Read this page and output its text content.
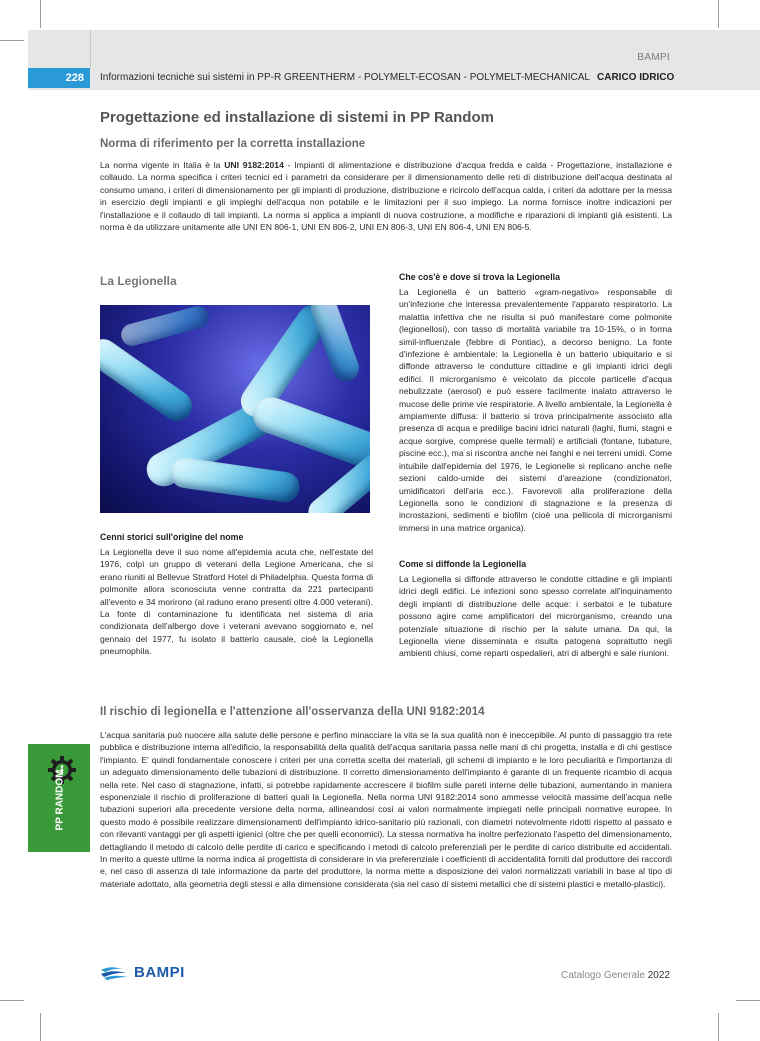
BAMPI
228	Informazioni tecniche sui sistemi in PP-R GREENTHERM - POLYMELT-ECOSAN - POLYMELT-MECHANICAL CARICO IDRICO
Progettazione ed installazione di sistemi in PP Random
Norma di riferimento per la corretta installazione

La norma vigente in Italia è la UNI 9182:2014 - Impianti di alimentazione e distribuzione d'acqua fredda e calda - Progettazione, installazione e collaudo. La norma specifica i criteri tecnici ed i parametri da considerare per il dimensionamento delle reti di distribuzione dell'acqua destinata al consumo umano, i criteri di dimensionamento per gli impianti di produzione, distribuzione e ricircolo dell'acqua calda, i criteri da adottare per la messa in esercizio degli impianti e gli impieghi dell'acqua non potabile e le limitazioni per il suo impiego. La norma fornisce inoltre indicazioni per l'installazione e il collaudo di tali impianti. La norma si applica a impianti di nuova costruzione, a modifiche e riparazioni di impianti già esistenti. La norma è da utilizzare unitamente alle UNI EN 806-1, UNI EN 806-2, UNI EN 806-3, UNI EN 806-4, UNI EN 806-5.

La Legionella
Cenni storici sull'origine del nome

La Legionella deve il suo nome all'epidemia acuta che, nell'estate del 1976, colpì un gruppo di veterani della Legione Americana, che si erano riuniti al Bellevue Stratford Hotel di Philadelphia. Questa forma di polmonite allora sconosciuta venne contratta da 221 partecipanti all'evento e 34 morirono (al raduno erano presenti oltre 4.000 veterani). La fonte di contaminazione fu identificata nel sistema di aria condizionata dell'albergo dove i veterani avevano soggiornato e, nel gennaio del 1977, fu isolato il batterio causale, cioè la Legionella pneumophila.

Che cos'è e dove si trova la Legionella

La Legionella è un batterio «gram-negativo» responsabile di un'infezione che interessa prevalentemente l'apparato respiratorio. La malattia infettiva che ne risulta si può manifestare come polmonite (legionellosi), con tasso di mortalità variabile tra 10-15%, o in forma simil-influenzale (febbre di Pontiac), a decorso benigno. La fonte d'infezione è ambientale: la Legionella è un batterio ubiquitario e si diffonde attraverso le condutture cittadine e gli impianti idrici degli edifici. Il microrganismo è veicolato da piccole particelle d'acqua nebulizzate (aerosol) e può essere facilmente inalato attraverso le mucose delle prime vie respiratorie. A livello ambientale, la Legionella è ampiamente diffusa: il batterio si trova principalmente associato alla presenza di acqua e predilige bacini idrici naturali (laghi, fiumi, stagni e acque sorgive, comprese quelle termali) e artificiali (fontane, tubature, piscine ecc.), ma si riscontra anche nei fanghi e nei terreni umidi. Come intuibile dall'epidemia del 1976, le Legionelle si replicano anche nelle sezioni caldo-umide dei sistemi d'areazione (condizionatori, umidificatori dell'aria ecc.). Favorevoli alla proliferazione della Legionella sono le condizioni di stagnazione e la presenza di incrostazioni, sedimenti e biofilm (cioè una pellicola di microrganismi immersi in una matrice organica).

Come si diffonde la Legionella

La Legionella si diffonde attraverso le condotte cittadine e gli impianti idrici degli edifici. Le infezioni sono spesso correlate all'inquinamento degli impianti di distribuzione delle acque: i serbatoi e le tubature possono agire come amplificatori del microrganismo, creando una potenziale situazione di rischio per la salute umana. Da qui, la Legionella viene disseminata e risulta patogena soprattutto negli ambienti chiusi, come reparti ospedalieri, atri di alberghi e sale riunioni.

Il rischio di legionella e l'attenzione all'osservanza della UNI 9182:2014

L'acqua sanitaria può nuocere alla salute delle persone e perfino minacciare la vita se la sua qualità non è ineccepibile. Al punto di passaggio tra rete pubblica e distribuzione interna all'edificio, la responsabilità della qualità dell'acqua sanitaria passa nelle mani di chi progetta, installa e di chi gestisce l'impianto. E' quindi fondamentale conoscere i criteri per una corretta scelta dei materiali, gli schemi di impianto e le loro peculiarità e l'importanza di un adeguato dimensionamento delle tubazioni di distribuzione. Il corretto dimensionamento dell'impianto è garante di un frequente ricambio di acqua nella rete. Nel caso di stagnazione, infatti, si potrebbe rapidamente accrescere il biofilm sulle pareti interne delle tubazioni, aumentando in maniera esponenziale il rischio di proliferazione di batteri quali la Legionella. Nella norma UNI 9182:2014 sono ammesse velocità massime dell'acqua nelle tubazioni superiori alla precedente versione della norma, allineandosi così ai valori normalmente impiegati nelle principali normative europee. In questo modo è possibile realizzare dimensionamenti dell'impianto idrico-sanitario più razionali, con diametri notevolmente ridotti rispetto al passato e con rilevanti vantaggi per gli aspetti igienici (oltre che per quelli economici). La stessa normativa ha inoltre perfezionato l'aspetto del dimensionamento, dettagliando il metodo di calcolo delle perdite di carico e specificando i metodi di calcolo preferenziali per le perdite di carico distribuite ed accidentali. In merito a queste ultime la norma indica al progettista di considerare in via preferenziale i coefficienti di accidentalità forniti dal produttore dei raccordi e, nel caso di assenza di tale informazione da parte del produttore, la norma mette a disposizione dei valori normalizzati variabili in base al tipo di materiale adottato, alla geometria degli stessi e alla dimensione considerata (sia nel caso di sistemi metallici che di sistemi plastici e metallo-plastici).

PP RANDOM
BAMPI	Catalogo Generale 2022
